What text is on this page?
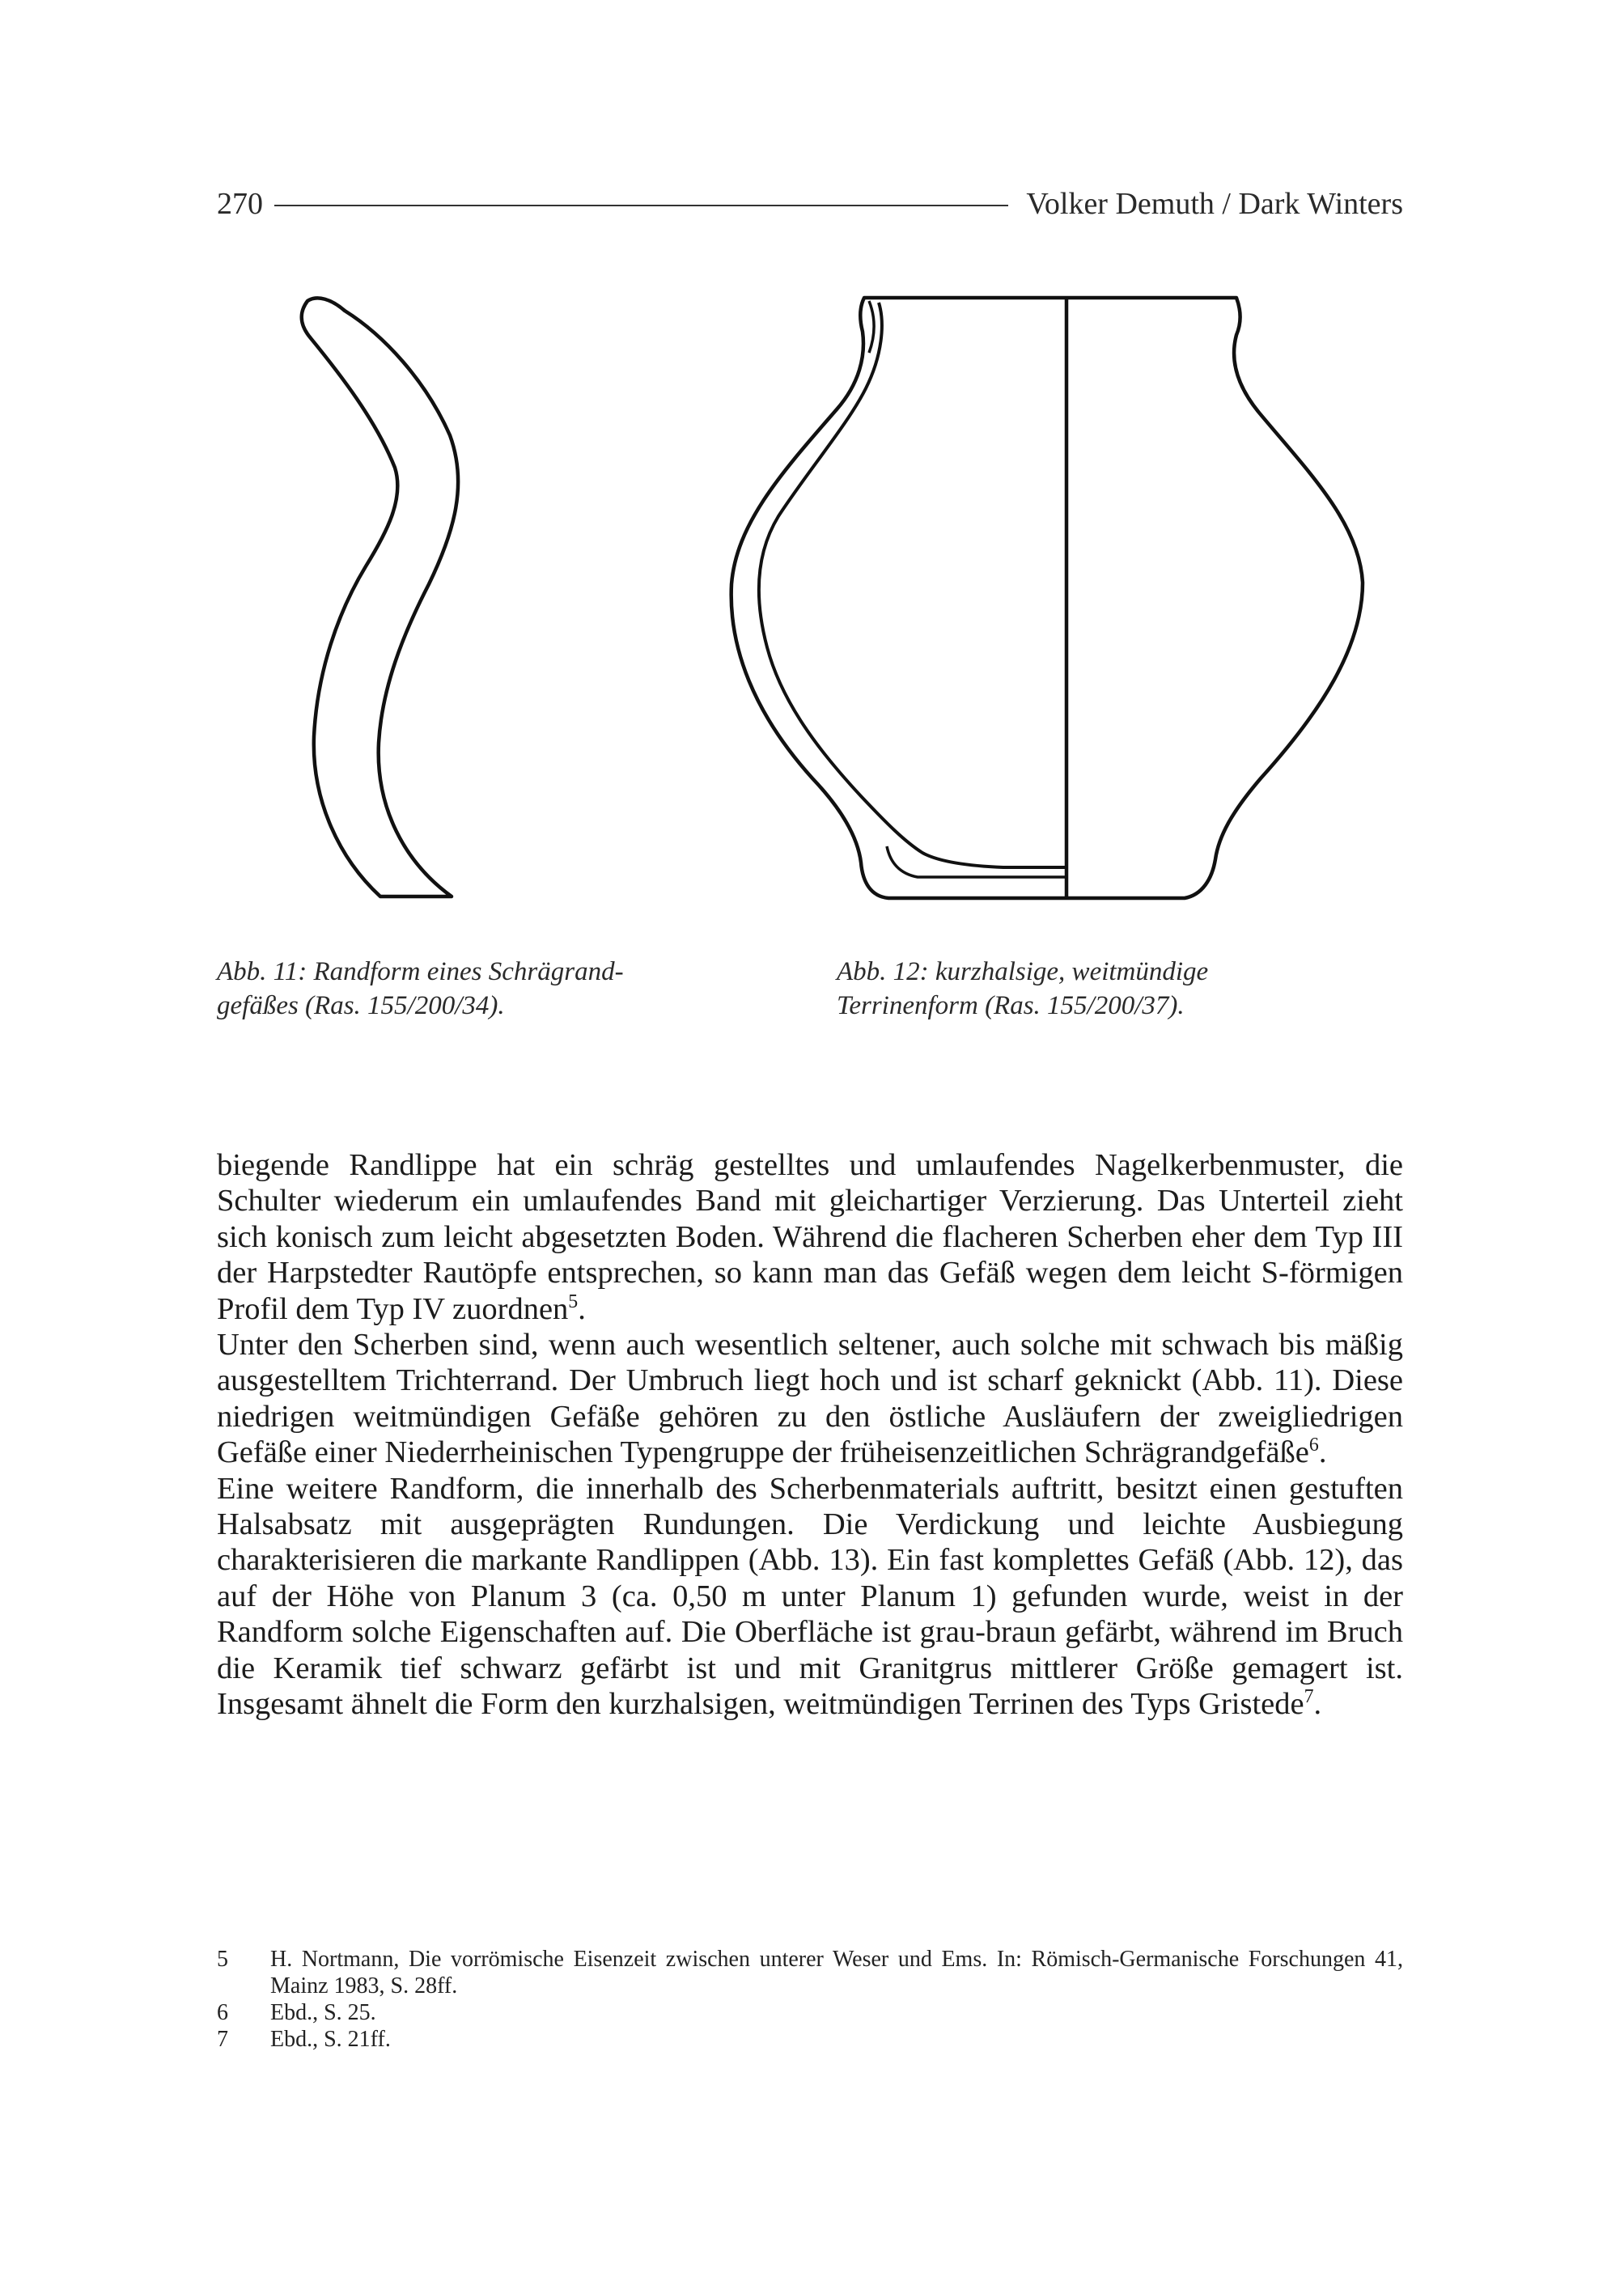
270	Volker Demuth / Dark Winters
Abb. 11: Randform eines Schrägrand-
gefäßes (Ras. 155/200/34).
Abb. 12: kurzhalsige, weitmündige
Terrinenform (Ras. 155/200/37).

biegende Randlippe hat ein schräg gestelltes und umlaufendes Nagelkerbenmuster, die Schulter wiederum ein umlaufendes Band mit gleichartiger Verzierung. Das Unterteil zieht sich konisch zum leicht abgesetzten Boden. Während die flacheren Scherben eher dem Typ III der Harpstedter Rautöpfe entsprechen, so kann man das Gefäß wegen dem leicht S-förmigen Profil dem Typ IV zuordnen$^5$.

Unter den Scherben sind, wenn auch wesentlich seltener, auch solche mit schwach bis mäßig ausgestelltem Trichterrand. Der Umbruch liegt hoch und ist scharf geknickt (Abb. 11). Diese niedrigen weitmündigen Gefäße gehören zu den östliche Ausläufern der zweigliedrigen Gefäße einer Niederrheinischen Typengruppe der früheisenzeitlichen Schrägrandgefäße$^6$.

Eine weitere Randform, die innerhalb des Scherbenmaterials auftritt, besitzt einen gestuften Halsabsatz mit ausgeprägten Rundungen. Die Verdickung und leichte Ausbiegung charakterisieren die markante Randlippen (Abb. 13). Ein fast komplettes Gefäß (Abb. 12), das auf der Höhe von Planum 3 (ca. 0,50 m unter Planum 1) gefunden wurde, weist in der Randform solche Eigenschaften auf. Die Oberfläche ist grau-braun gefärbt, während im Bruch die Keramik tief schwarz gefärbt ist und mit Granitgrus mittlerer Größe gemagert ist. Insgesamt ähnelt die Form den kurzhalsigen, weitmündigen Terrinen des Typs Gristede$^7$.

5	H. Nortmann, Die vorrömische Eisenzeit zwischen unterer Weser und Ems. In: Römisch-Germanische Forschungen 41, Mainz 1983, S. 28ff.
6	Ebd., S. 25.
7	Ebd., S. 21ff.
